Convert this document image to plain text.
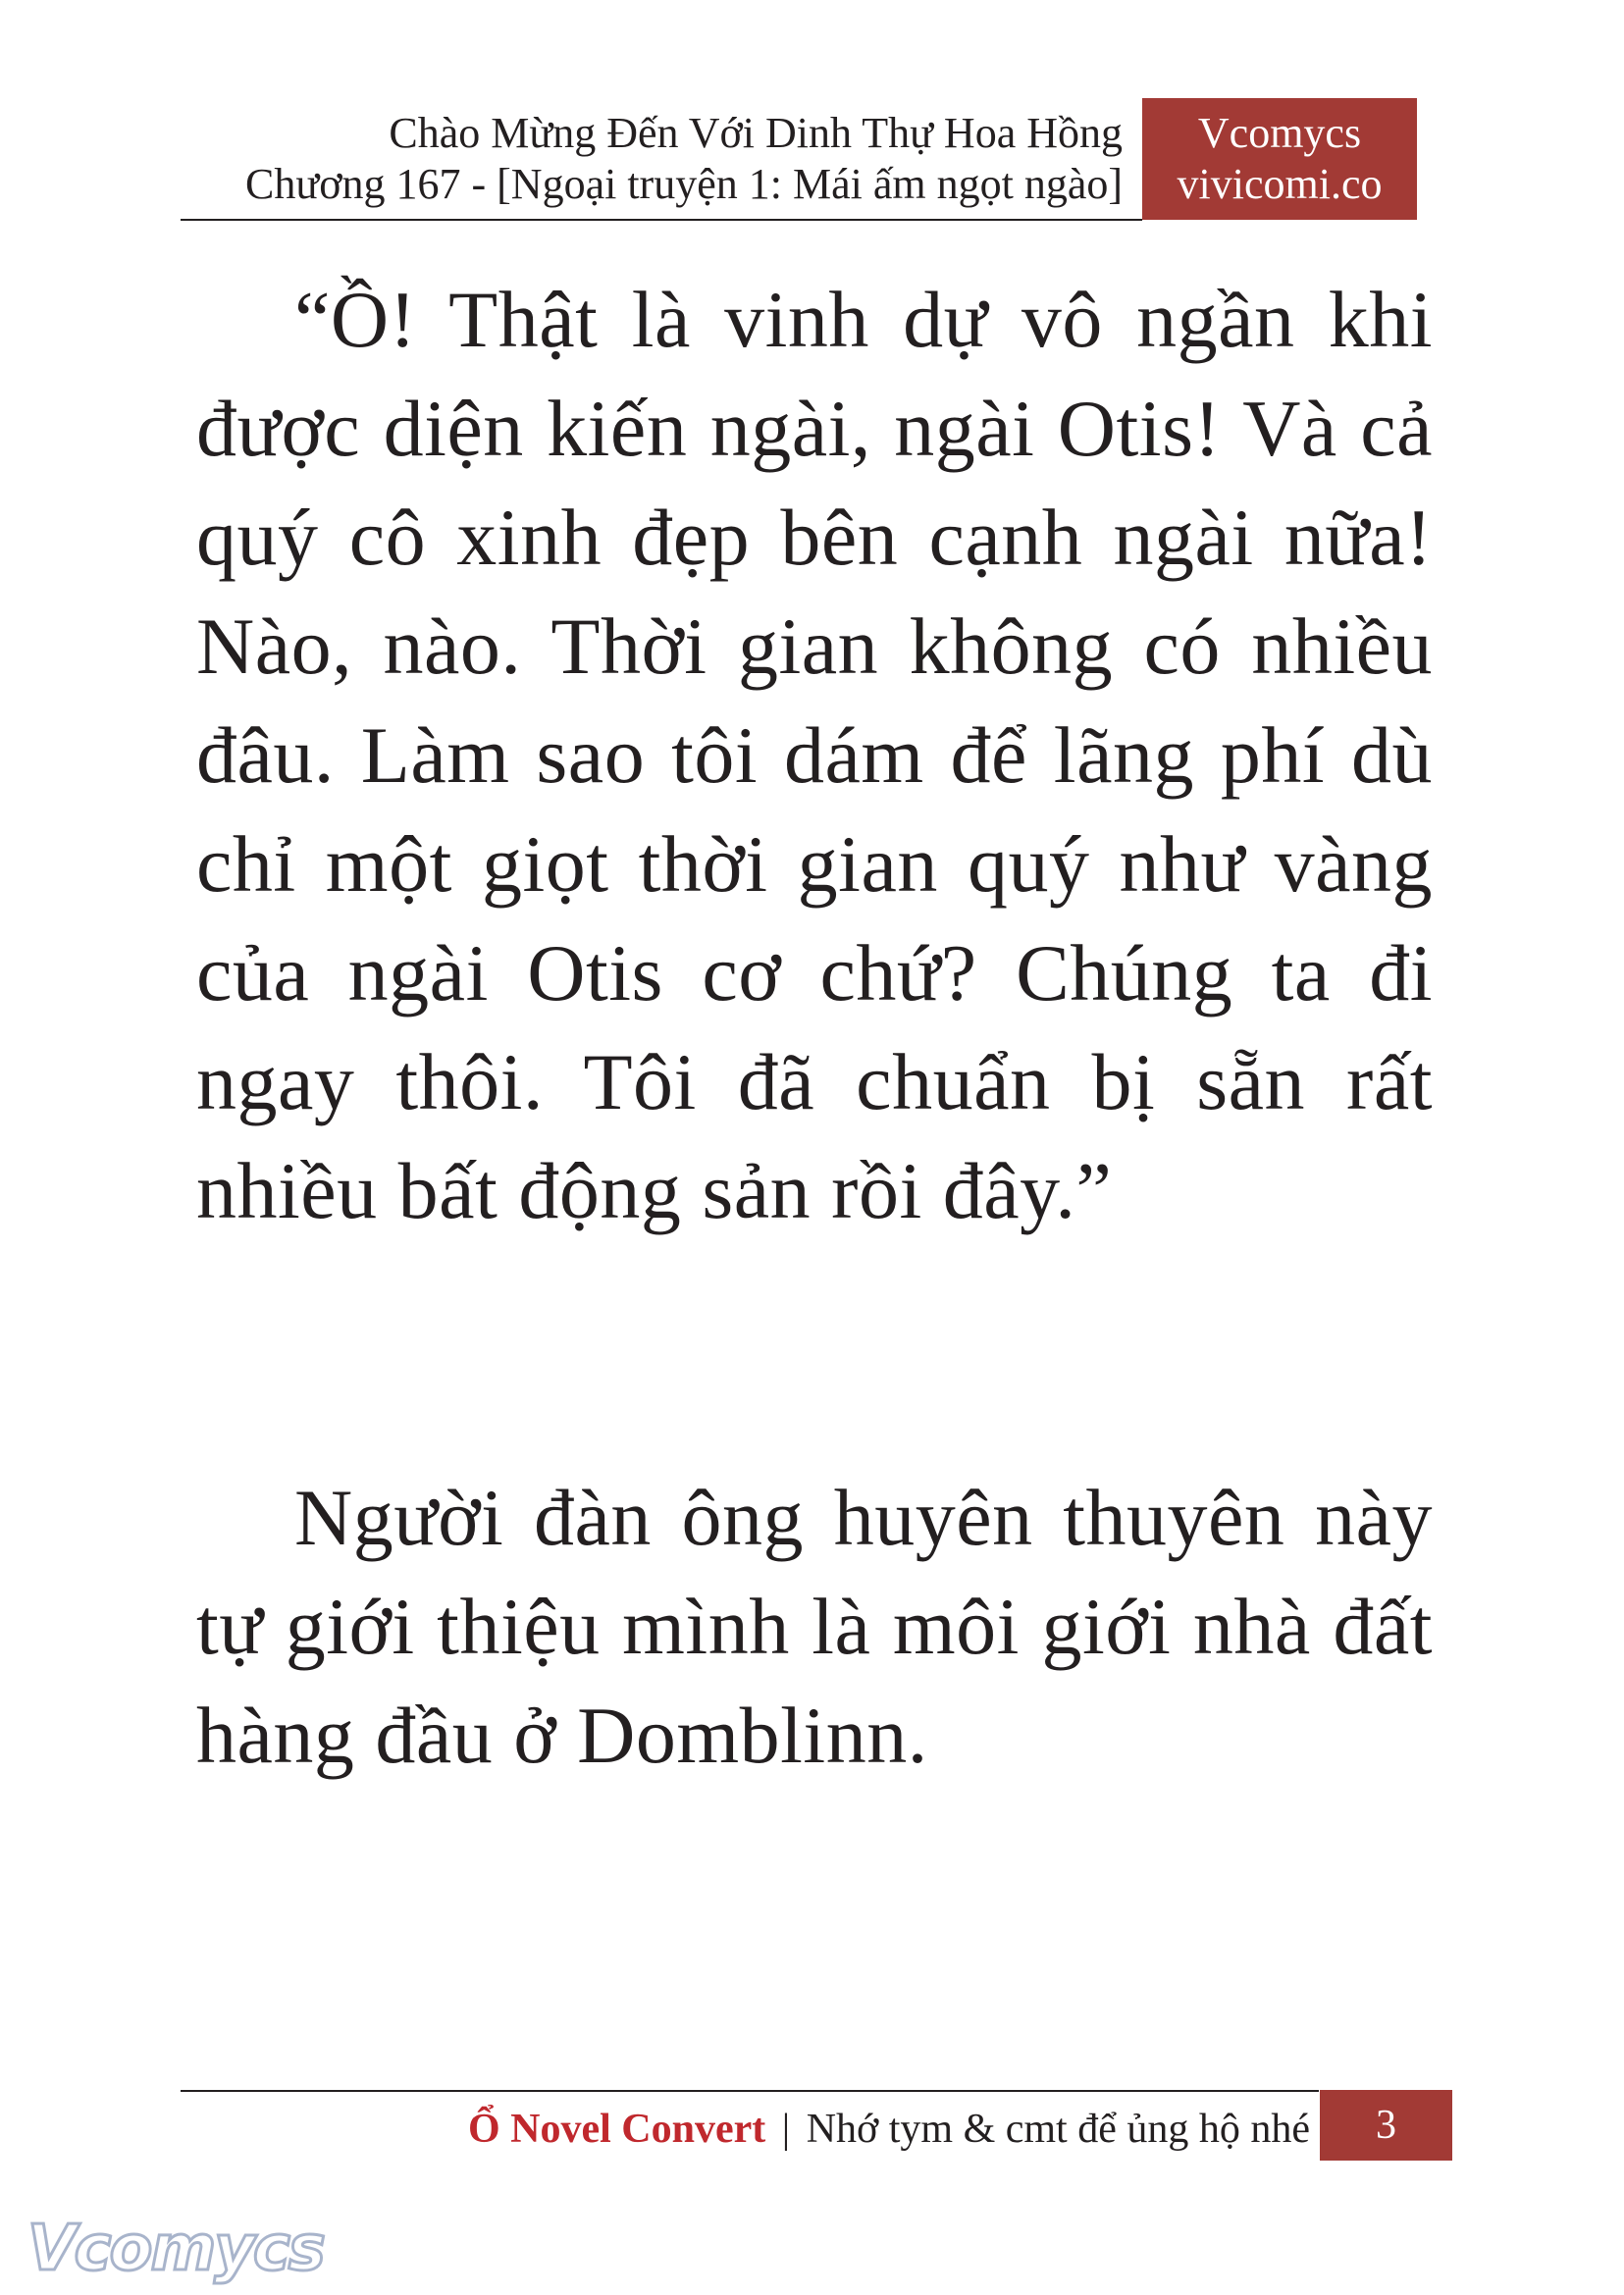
Chào Mừng Đến Với Dinh Thự Hoa Hồng
Chương 167 - [Ngoại truyện 1: Mái ấm ngọt ngào]
Vcomycs
vivicomi.co

“Ồ! Thật là vinh dự vô ngần khi được diện kiến ngài, ngài Otis! Và cả quý cô xinh đẹp bên cạnh ngài nữa! Nào, nào. Thời gian không có nhiều đâu. Làm sao tôi dám để lãng phí dù chỉ một giọt thời gian quý như vàng của ngài Otis cơ chứ? Chúng ta đi ngay thôi. Tôi đã chuẩn bị sẵn rất nhiều bất động sản rồi đây.”

Người đàn ông huyên thuyên này tự giới thiệu mình là môi giới nhà đất hàng đầu ở Domblinn.

Ổ Novel Convert | Nhớ tym & cmt để ủng hộ nhé	3
Vcomycs
